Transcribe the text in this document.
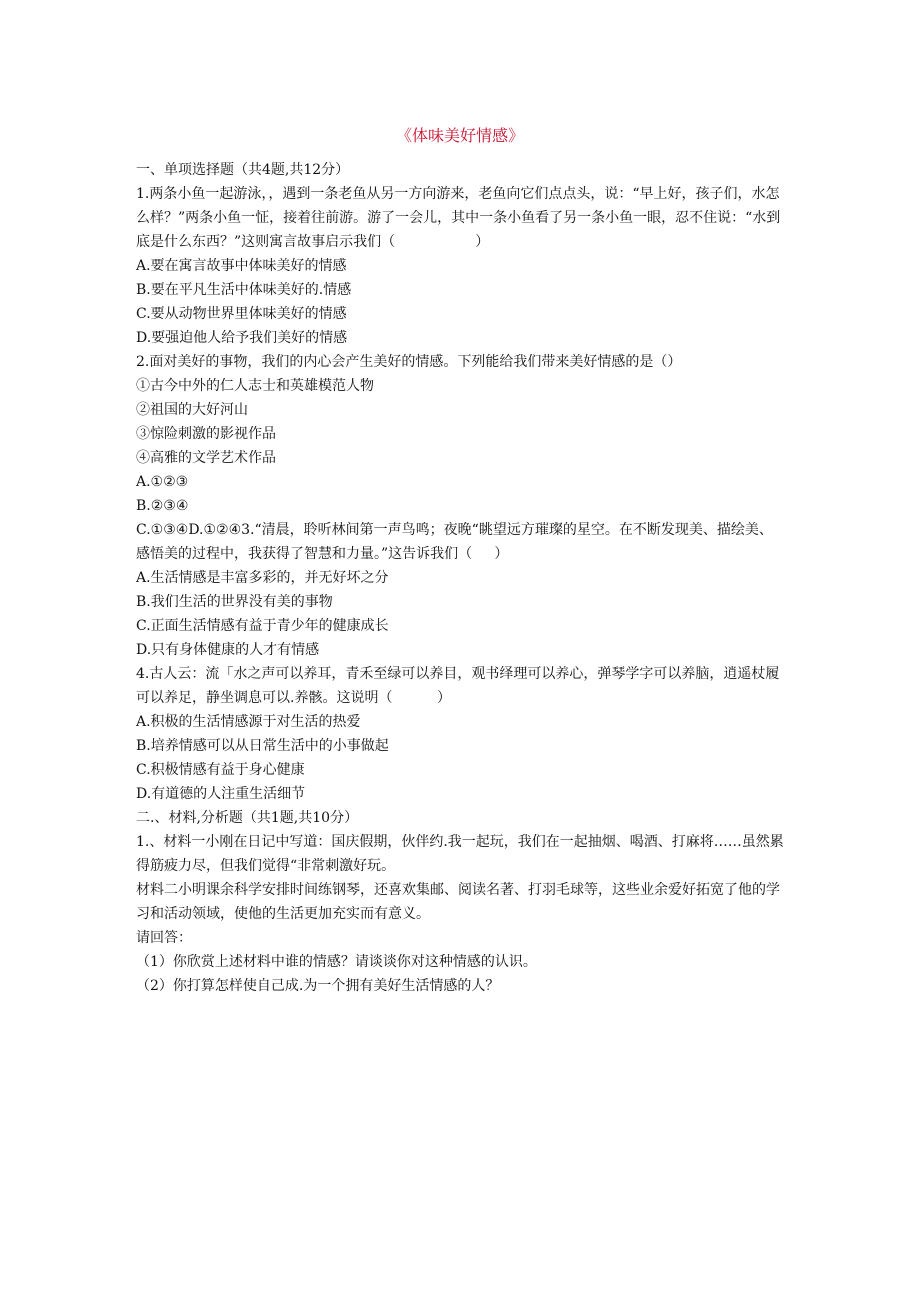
《体味美好情感》

一、单项选择题（共4题,共12分）

1.两条小鱼一起游泳，，遇到一条老鱼从另一方向游来，老鱼向它们点点头，说：“早上好，孩子们，水怎么样？”两条小鱼一怔，接着往前游。游了一会儿，其中一条小鱼看了另一条小鱼一眼，忍不住说：“水到底是什么东西？”这则寓言故事启示我们（                  ）

A.要在寓言故事中体味美好的情感

B.要在平凡生活中体味美好的.情感

C.要从动物世界里体味美好的情感

D.要强迫他人给予我们美好的情感

2.面对美好的事物，我们的内心会产生美好的情感。下列能给我们带来美好情感的是（）

①古今中外的仁人志士和英雄模范人物

②祖国的大好河山

③惊险刺激的影视作品

④高雅的文学艺术作品

A.①②③

B.②③④

C.①③④D.①②④3.“清晨，聆听林间第一声鸟鸣；夜晚“眺望远方璀璨的星空。在不断发现美、描绘美、感悟美的过程中，我获得了智慧和力量。”这告诉我们（     ）

A.生活情感是丰富多彩的，并无好坏之分

B.我们生活的世界没有美的事物

C.正面生活情感有益于青少年的健康成长

D.只有身体健康的人才有情感

4.古人云：流「水之声可以养耳，青禾至绿可以养目，观书绎理可以养心，弹琴学字可以养脑，逍遥杖履可以养足，静坐调息可以.养骸。这说明（          ）

A.积极的生活情感源于对生活的热爱

B.培养情感可以从日常生活中的小事做起

C.积极情感有益于身心健康

D.有道德的人注重生活细节

二.、材料,分析题（共1题,共10分）

1.、材料一小刚在日记中写道：国庆假期，伙伴约.我一起玩，我们在一起抽烟、喝酒、打麻将……虽然累得筋疲力尽，但我们觉得“非常刺激好玩。

材料二小明课余科学安排时间练钢琴，还喜欢集邮、阅读名著、打羽毛球等，这些业余爱好拓宽了他的学习和活动领域，使他的生活更加充实而有意义。

请回答：

（1）你欣赏上述材料中谁的情感？请谈谈你对这种情感的认识。

（2）你打算怎样使自己成.为一个拥有美好生活情感的人？
